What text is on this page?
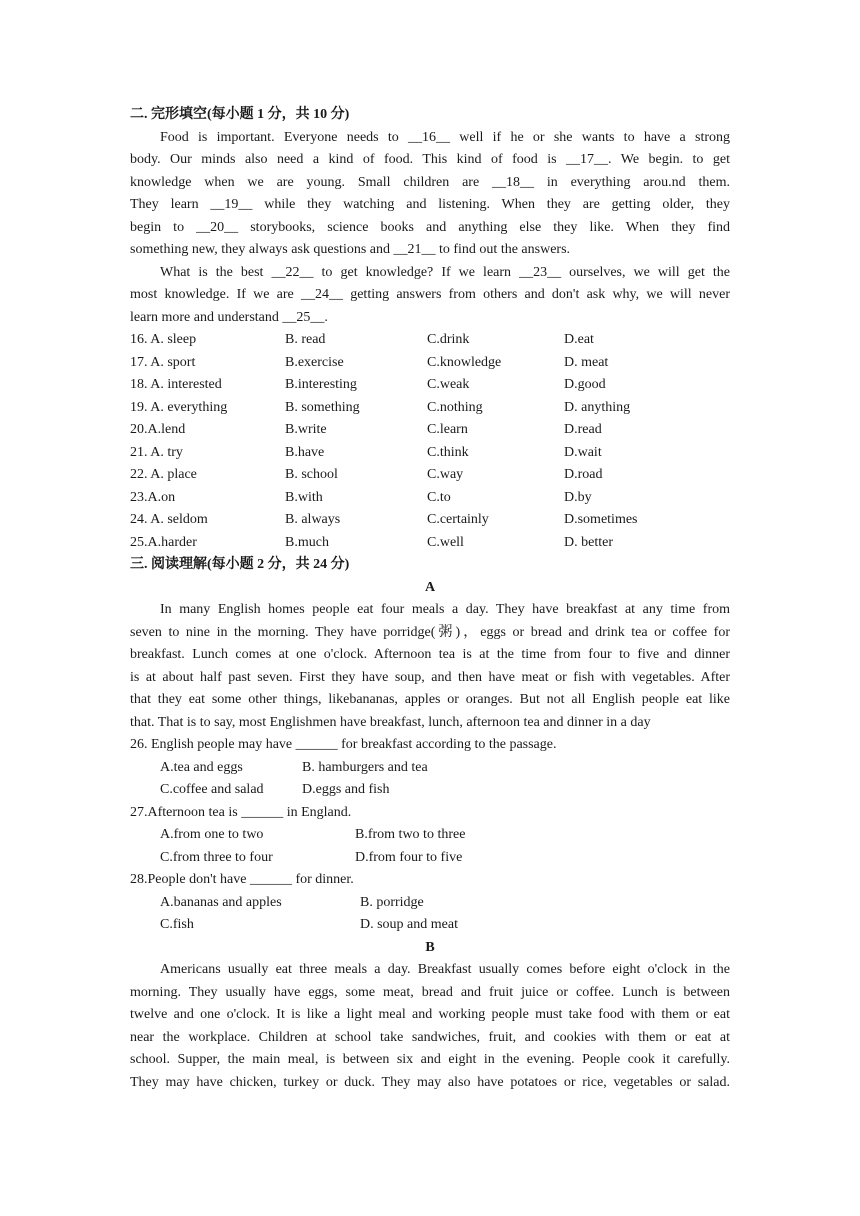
二. 完形填空(每小题 1 分，共 10 分)
Food is important. Everyone needs to __16__ well if he or she wants to have a strong
body. Our minds also need a kind of food. This kind of food is __17__. We begin. to get
knowledge when we are young. Small children are __18__ in everything arou.nd them.
They learn __19__ while they watching and listening. When they are getting older, they
begin to __20__ storybooks, science books and anything else they like. When they find
something new, they always ask questions and __21__ to find out the answers.
What is the best __22__ to get knowledge? If we learn __23__ ourselves, we will get the
most knowledge. If we are __24__ getting answers from others and don't ask why, we will never
learn more and understand __25__.
16. A. sleep	B. read	C.drink	D.eat
17. A. sport	B.exercise	C.knowledge	D. meat
18. A. interested	B.interesting	C.weak	D.good
19. A. everything	B. something	C.nothing	D. anything
20.A.lend	B.write	C.learn	D.read
21. A. try	B.have	C.think	D.wait
22. A. place	B. school	C.way	D.road
23.A.on	B.with	C.to	D.by
24. A. seldom	B. always	C.certainly	D.sometimes
25.A.harder	B.much	C.well	D. better
三. 阅读理解(每小题 2 分，共 24 分)
A
In many English homes people eat four meals a day. They have breakfast at any time from
seven to nine in the morning. They have porridge(粥)，eggs or bread and drink tea or coffee for
breakfast. Lunch comes at one o'clock. Afternoon tea is at the time from four to five and dinner
is at about half past seven. First they have soup, and then have meat or fish with vegetables. After
that they eat some other things, likebananas, apples or oranges. But not all English people eat like
that. That is to say, most Englishmen have breakfast, lunch, afternoon tea and dinner in a day
26. English people may have ______ for breakfast according to the passage.
A.tea and eggs	B. hamburgers and tea
C.coffee and salad	D.eggs and fish
27.Afternoon tea is ______ in England.
A.from one to two	B.from two to three
C.from three to four	D.from four to five
28.People don't have ______ for dinner.
A.bananas and apples	B. porridge
C.fish	D. soup and meat
B
Americans usually eat three meals a day. Breakfast usually comes before eight o'clock in the
morning. They usually have eggs, some meat, bread and fruit juice or coffee. Lunch is between
twelve and one o'clock. It is like a light meal and working people must take food with them or eat
near the workplace. Children at school take sandwiches, fruit, and cookies with them or eat at
school. Supper, the main meal, is between six and eight in the evening. People cook it carefully.
They may have chicken, turkey or duck. They may also have potatoes or rice, vegetables or salad.
